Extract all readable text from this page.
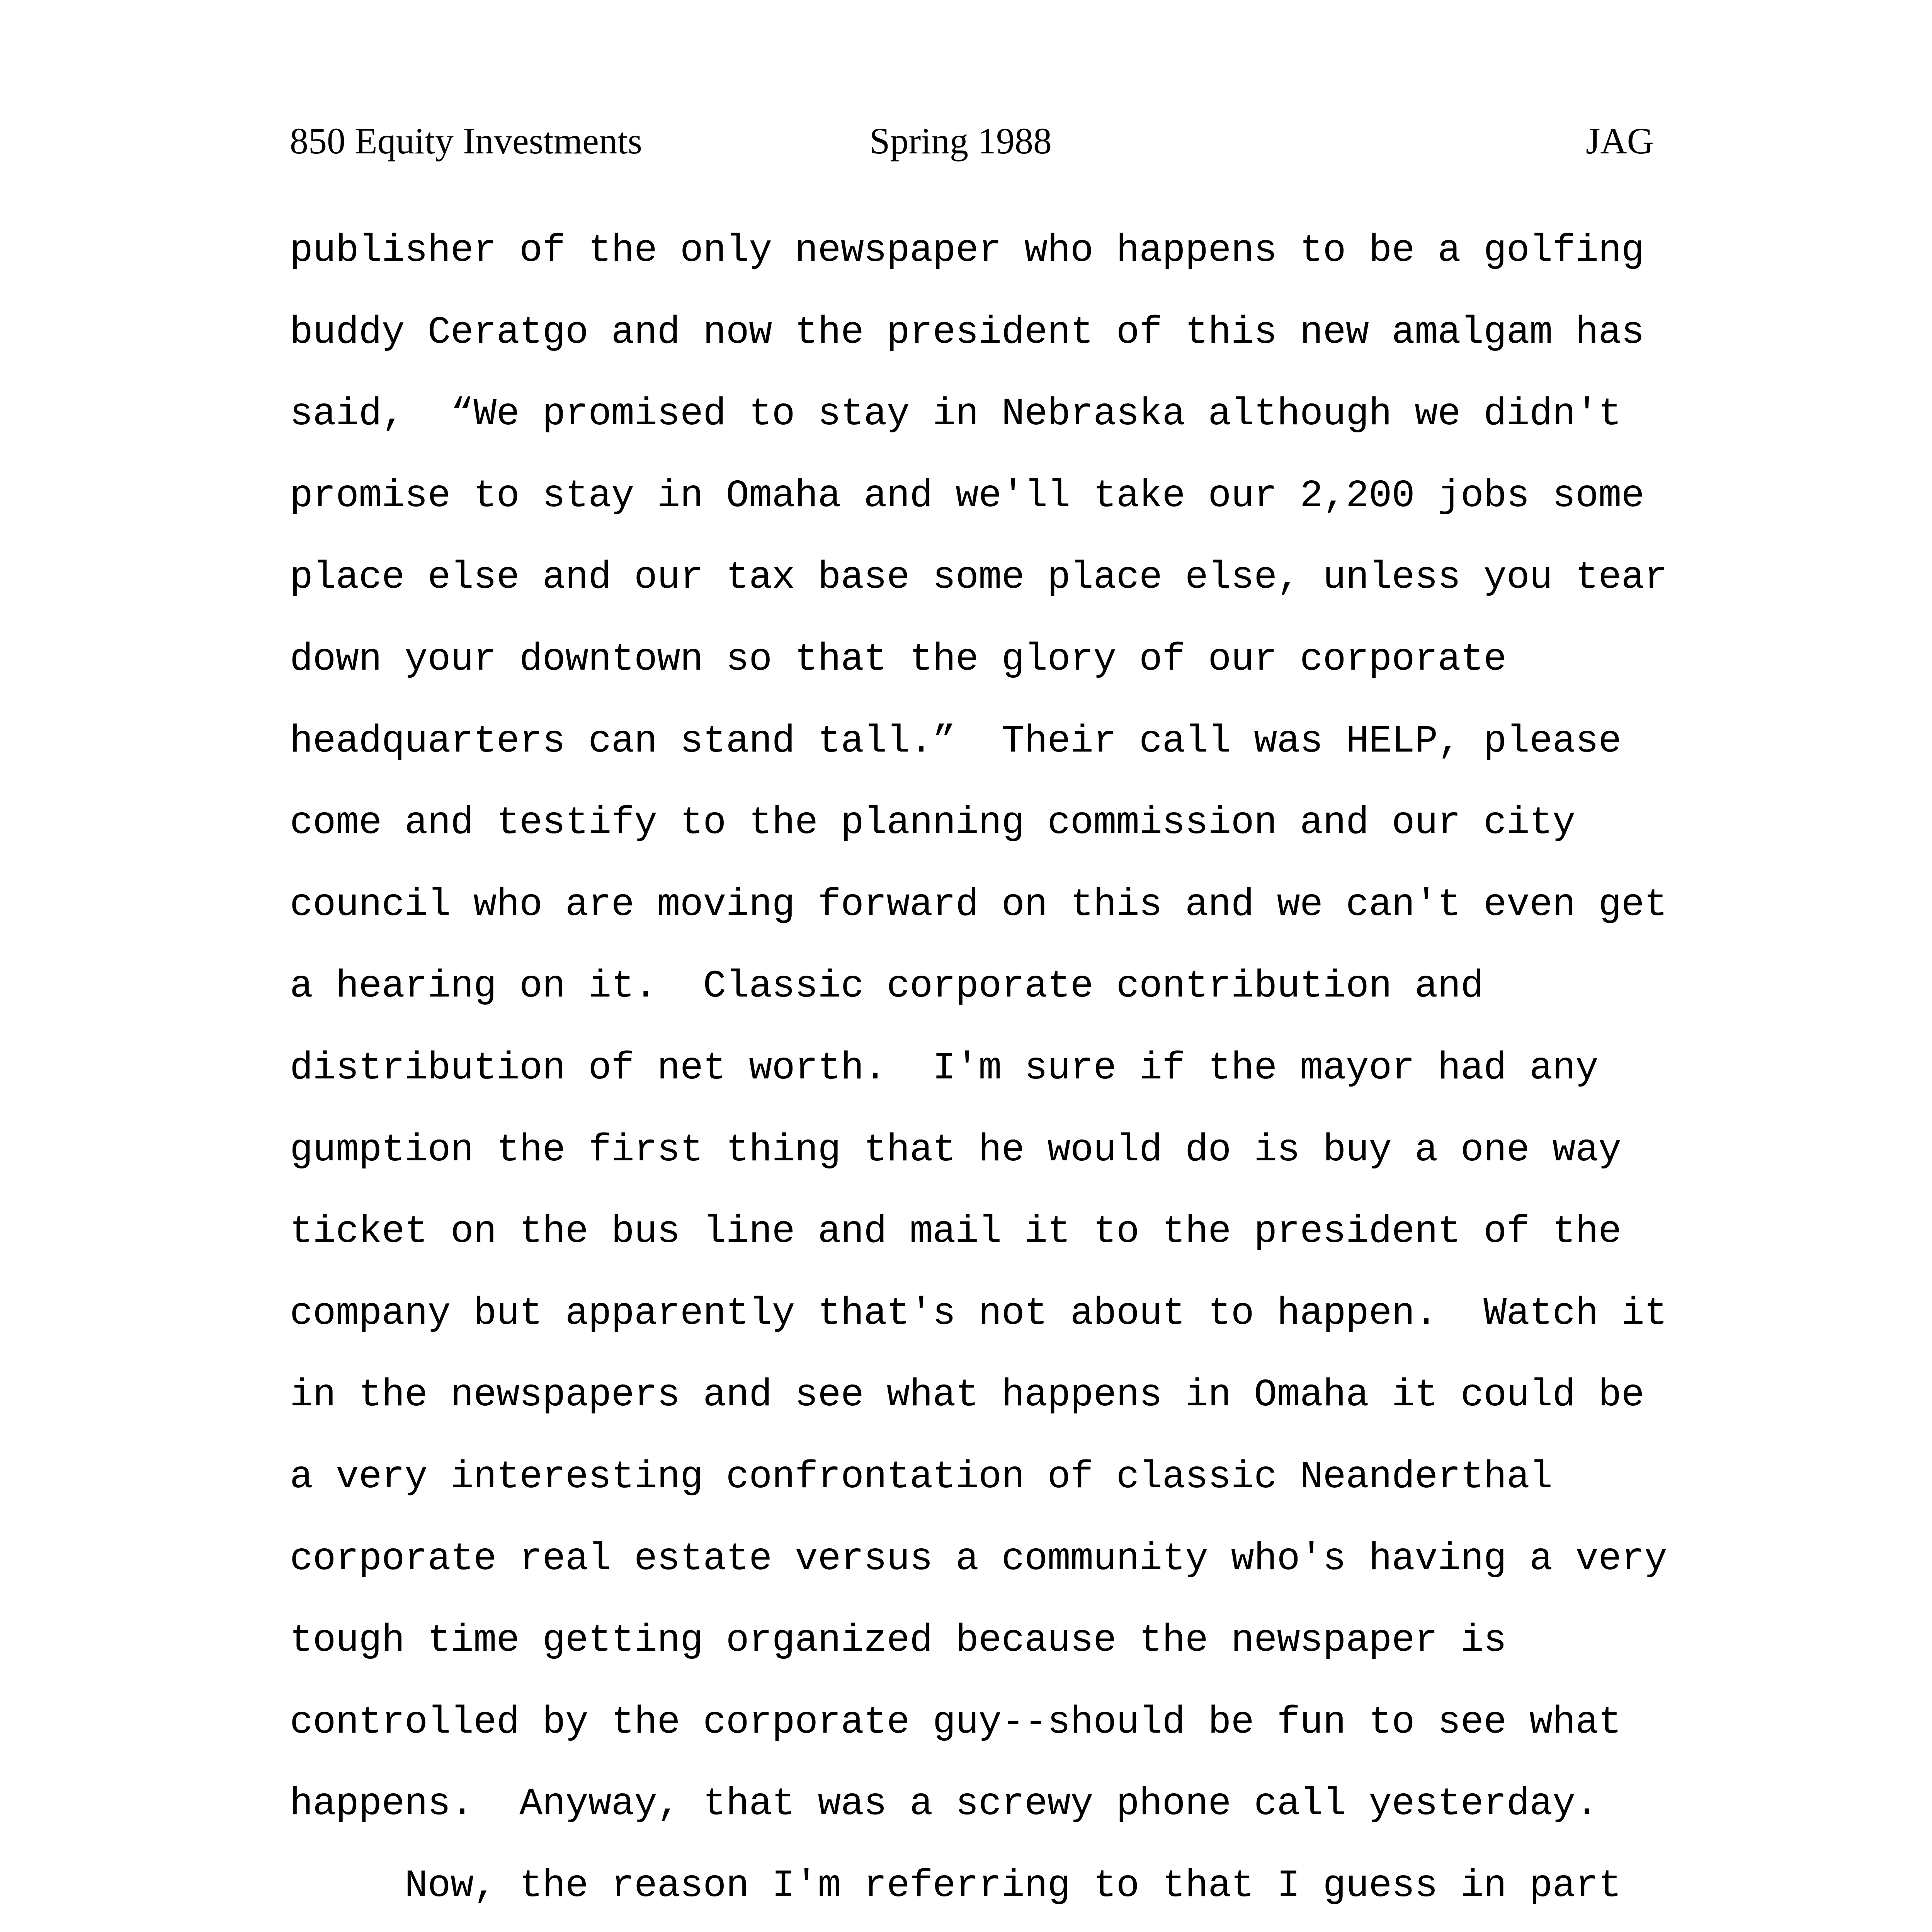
850 Equity Investments	Spring 1988	JAG
publisher of the only newspaper who happens to be a golfing
buddy Ceratgo and now the president of this new amalgam has
said,  “We promised to stay in Nebraska although we didn't
promise to stay in Omaha and we'll take our 2,200 jobs some
place else and our tax base some place else, unless you tear
down your downtown so that the glory of our corporate
headquarters can stand tall.”  Their call was HELP, please
come and testify to the planning commission and our city
council who are moving forward on this and we can't even get
a hearing on it.  Classic corporate contribution and
distribution of net worth.  I'm sure if the mayor had any
gumption the first thing that he would do is buy a one way
ticket on the bus line and mail it to the president of the
company but apparently that's not about to happen.  Watch it
in the newspapers and see what happens in Omaha it could be
a very interesting confrontation of classic Neanderthal
corporate real estate versus a community who's having a very
tough time getting organized because the newspaper is
controlled by the corporate guy--should be fun to see what
happens.  Anyway, that was a screwy phone call yesterday.
Now, the reason I'm referring to that I guess in part
